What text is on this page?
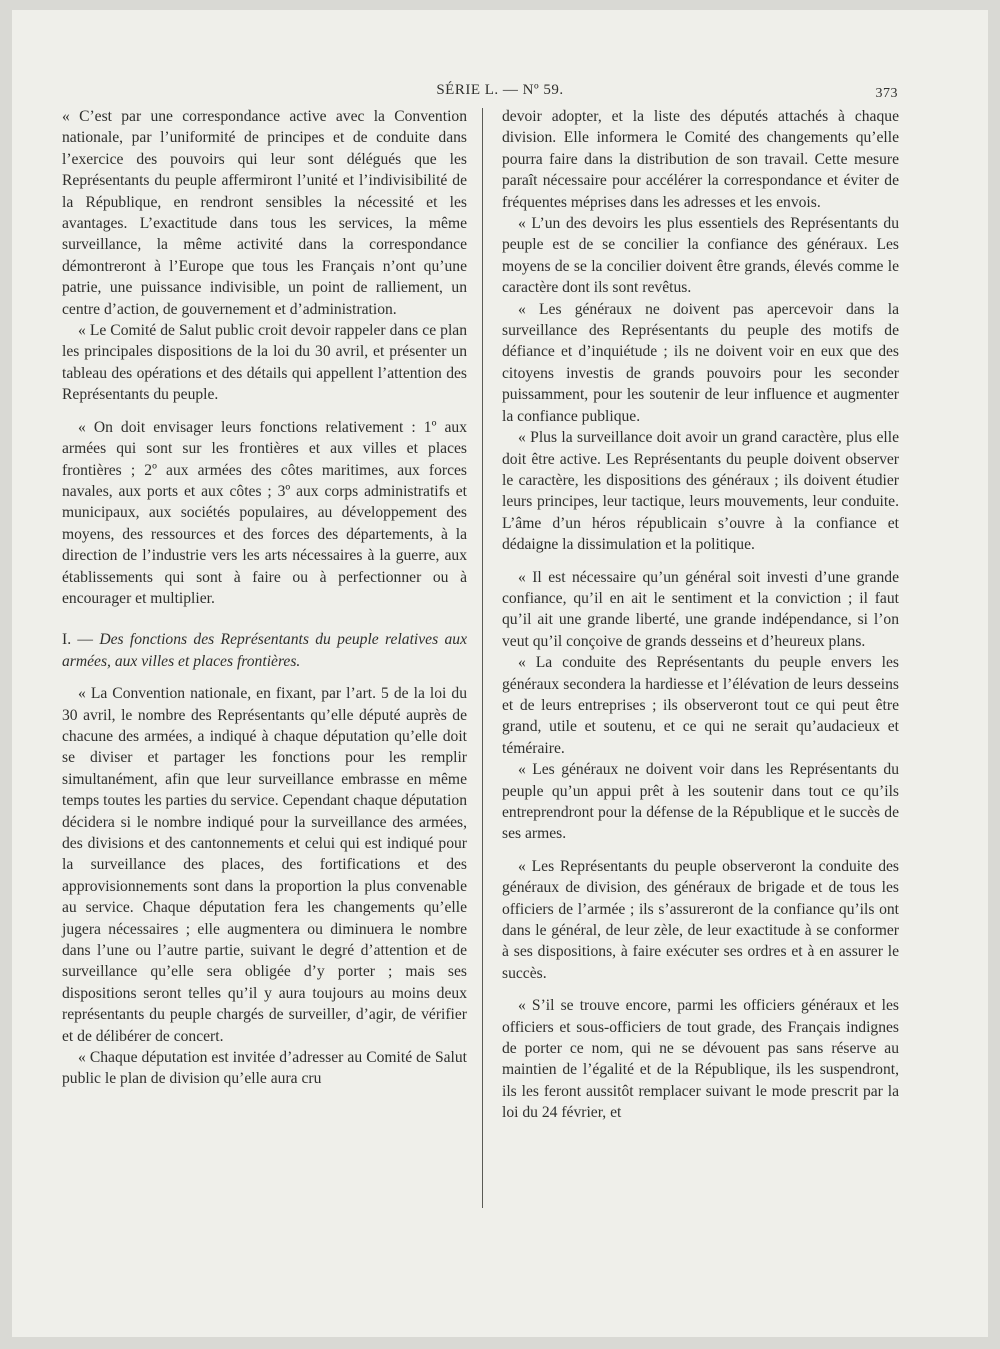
SÉRIE L. — Nº 59.	373

« C’est par une correspondance active avec la Convention nationale, par l’uniformité de principes et de conduite dans l’exercice des pouvoirs qui leur sont délégués que les Représentants du peuple affermiront l’unité et l’indivisibilité de la République, en rendront sensibles la nécessité et les avantages. L’exactitude dans tous les services, la même surveillance, la même activité dans la correspondance démontreront à l’Europe que tous les Français n’ont qu’une patrie, une puissance indivisible, un point de ralliement, un centre d’action, de gouvernement et d’administration.

« Le Comité de Salut public croit devoir rappeler dans ce plan les principales dispositions de la loi du 30 avril, et présenter un tableau des opérations et des détails qui appellent l’attention des Représentants du peuple.

« On doit envisager leurs fonctions relativement : 1º aux armées qui sont sur les frontières et aux villes et places frontières ; 2º aux armées des côtes maritimes, aux forces navales, aux ports et aux côtes ; 3º aux corps administratifs et municipaux, aux sociétés populaires, au développement des moyens, des ressources et des forces des départements, à la direction de l’industrie vers les arts nécessaires à la guerre, aux établissements qui sont à faire ou à perfectionner ou à encourager et multiplier.

I. — Des fonctions des Représentants du peuple relatives aux armées, aux villes et places frontières.

« La Convention nationale, en fixant, par l’art. 5 de la loi du 30 avril, le nombre des Représentants qu’elle député auprès de chacune des armées, a indiqué à chaque députation qu’elle doit se diviser et partager les fonctions pour les remplir simultanément, afin que leur surveillance embrasse en même temps toutes les parties du service. Cependant chaque députation décidera si le nombre indiqué pour la surveillance des armées, des divisions et des cantonnements et celui qui est indiqué pour la surveillance des places, des fortifications et des approvisionnements sont dans la proportion la plus convenable au service. Chaque députation fera les changements qu’elle jugera nécessaires ; elle augmentera ou diminuera le nombre dans l’une ou l’autre partie, suivant le degré d’attention et de surveillance qu’elle sera obligée d’y porter ; mais ses dispositions seront telles qu’il y aura toujours au moins deux représentants du peuple chargés de surveiller, d’agir, de vérifier et de délibérer de concert.

« Chaque députation est invitée d’adresser au Comité de Salut public le plan de division qu’elle aura cru

devoir adopter, et la liste des députés attachés à chaque division. Elle informera le Comité des changements qu’elle pourra faire dans la distribution de son travail. Cette mesure paraît nécessaire pour accélérer la correspondance et éviter de fréquentes méprises dans les adresses et les envois.

« L’un des devoirs les plus essentiels des Représentants du peuple est de se concilier la confiance des généraux. Les moyens de se la concilier doivent être grands, élevés comme le caractère dont ils sont revêtus.

« Les généraux ne doivent pas apercevoir dans la surveillance des Représentants du peuple des motifs de défiance et d’inquiétude ; ils ne doivent voir en eux que des citoyens investis de grands pouvoirs pour les seconder puissamment, pour les soutenir de leur influence et augmenter la confiance publique.

« Plus la surveillance doit avoir un grand caractère, plus elle doit être active. Les Représentants du peuple doivent observer le caractère, les dispositions des généraux ; ils doivent étudier leurs principes, leur tactique, leurs mouvements, leur conduite. L’âme d’un héros républicain s’ouvre à la confiance et dédaigne la dissimulation et la politique.

« Il est nécessaire qu’un général soit investi d’une grande confiance, qu’il en ait le sentiment et la conviction ; il faut qu’il ait une grande liberté, une grande indépendance, si l’on veut qu’il conçoive de grands desseins et d’heureux plans.

« La conduite des Représentants du peuple envers les généraux secondera la hardiesse et l’élévation de leurs desseins et de leurs entreprises ; ils observeront tout ce qui peut être grand, utile et soutenu, et ce qui ne serait qu’audacieux et téméraire.

« Les généraux ne doivent voir dans les Représentants du peuple qu’un appui prêt à les soutenir dans tout ce qu’ils entreprendront pour la défense de la République et le succès de ses armes.

« Les Représentants du peuple observeront la conduite des généraux de division, des généraux de brigade et de tous les officiers de l’armée ; ils s’assureront de la confiance qu’ils ont dans le général, de leur zèle, de leur exactitude à se conformer à ses dispositions, à faire exécuter ses ordres et à en assurer le succès.

« S’il se trouve encore, parmi les officiers généraux et les officiers et sous-officiers de tout grade, des Français indignes de porter ce nom, qui ne se dévouent pas sans réserve au maintien de l’égalité et de la République, ils les suspendront, ils les feront aussitôt remplacer suivant le mode prescrit par la loi du 24 février, et
